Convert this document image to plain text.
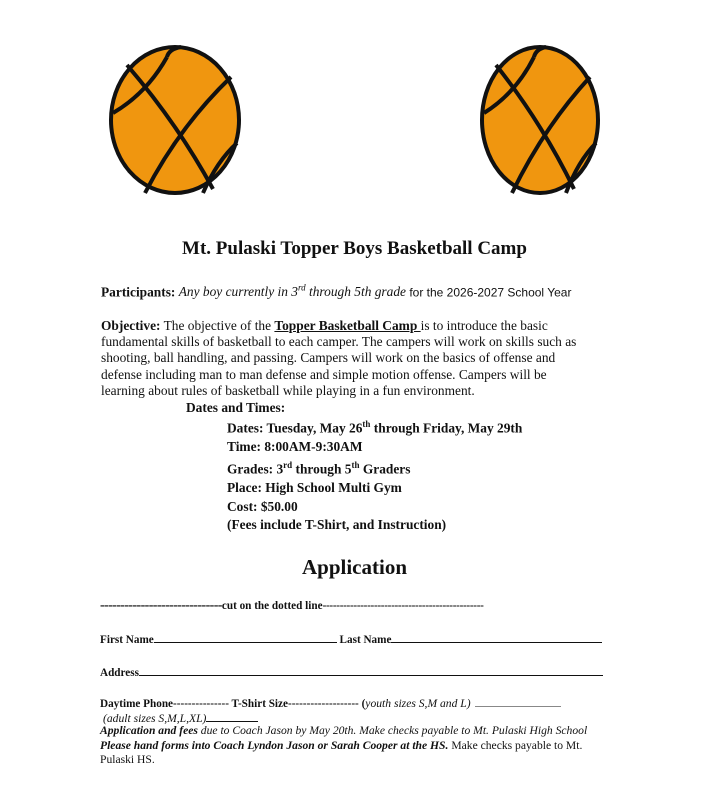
Mt. Pulaski Topper Boys Basketball Camp
Participants: Any boy currently in 3rd through 5th grade for the 2026-2027 School Year
Objective: The objective of the Topper Basketball Camp is to introduce the basic
fundamental skills of basketball to each camper. The campers will work on skills such as
shooting, ball handling, and passing. Campers will work on the basics of offense and
defense including man to man defense and simple motion offense. Campers will be
learning about rules of basketball while playing in a fun environment.
Dates and Times:
Dates: Tuesday, May 26th through Friday, May 29th
Time: 8:00AM-9:30AM
Grades: 3rd through 5th Graders
Place: High School Multi Gym
Cost: $50.00
(Fees include T-Shirt, and Instruction)
Application
------------------------------cut on the dotted line-----------------------------------------------
First Name	Last Name
Address
Daytime Phone--------------- T-Shirt Size------------------- (youth sizes S,M and L)
(adult sizes S,M,L,XL)
Application and fees due to Coach Jason by May 20th. Make checks payable to Mt. Pulaski High School
Please hand forms into Coach Lyndon Jason or Sarah Cooper at the HS. Make checks payable to Mt.
Pulaski HS.
